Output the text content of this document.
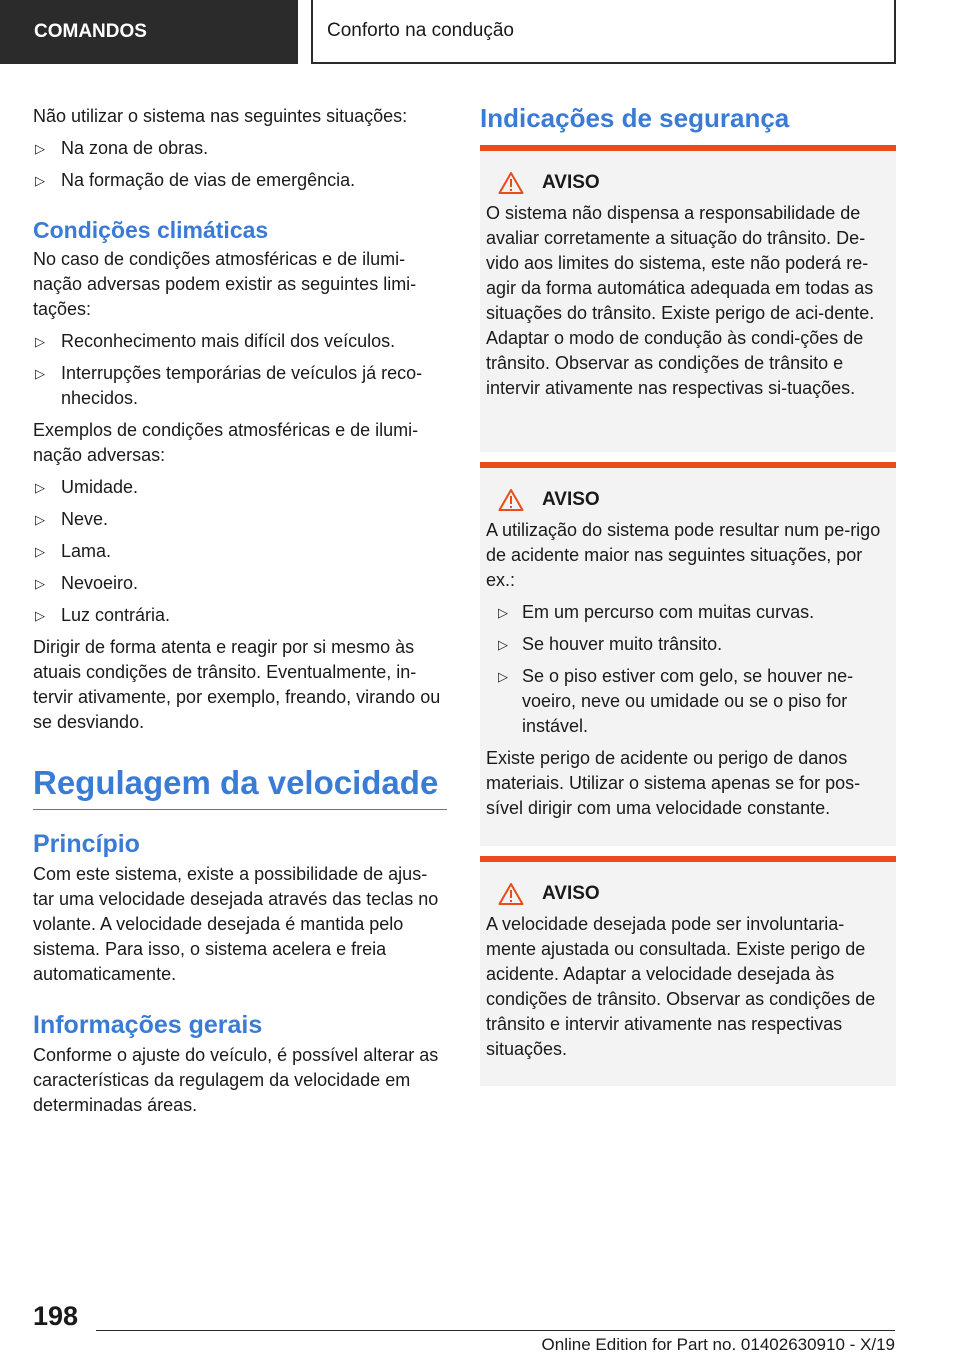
COMANDOS	Conforto na condução

Não utilizar o sistema nas seguintes situações:

▷ Na zona de obras.
▷ Na formação de vias de emergência.
Condições climáticas

No caso de condições atmosféricas e de ilumi-nação adversas podem existir as seguintes limi-tações:

▷ Reconhecimento mais difícil dos veículos.
▷ Interrupções temporárias de veículos já reco-nhecidos.

Exemplos de condições atmosféricas e de ilumi-nação adversas:

▷ Umidade.
▷ Neve.
▷ Lama.
▷ Nevoeiro.
▷ Luz contrária.

Dirigir de forma atenta e reagir por si mesmo às atuais condições de trânsito. Eventualmente, in-tervir ativamente, por exemplo, freando, virando ou se desviando.

Regulagem da velocidade
Princípio

Com este sistema, existe a possibilidade de ajus-tar uma velocidade desejada através das teclas no volante. A velocidade desejada é mantida pelo sistema. Para isso, o sistema acelera e freia automaticamente.

Informações gerais

Conforme o ajuste do veículo, é possível alterar as características da regulagem da velocidade em determinadas áreas.

Indicações de segurança
AVISO

O sistema não dispensa a responsabilidade de avaliar corretamente a situação do trânsito. De-vido aos limites do sistema, este não poderá re-agir da forma automática adequada em todas as situações do trânsito. Existe perigo de aci-dente. Adaptar o modo de condução às condi-ções de trânsito. Observar as condições de trânsito e intervir ativamente nas respectivas si-tuações.

AVISO

A utilização do sistema pode resultar num pe-rigo de acidente maior nas seguintes situações, por ex.:

▷ Em um percurso com muitas curvas.
▷ Se houver muito trânsito.
▷ Se o piso estiver com gelo, se houver ne-voeiro, neve ou umidade ou se o piso for instável.

Existe perigo de acidente ou perigo de danos materiais. Utilizar o sistema apenas se for pos-sível dirigir com uma velocidade constante.

AVISO

A velocidade desejada pode ser involuntaria-mente ajustada ou consultada. Existe perigo de acidente. Adaptar a velocidade desejada às condições de trânsito. Observar as condições de trânsito e intervir ativamente nas respectivas situações.

198
Online Edition for Part no. 01402630910 - X/19
